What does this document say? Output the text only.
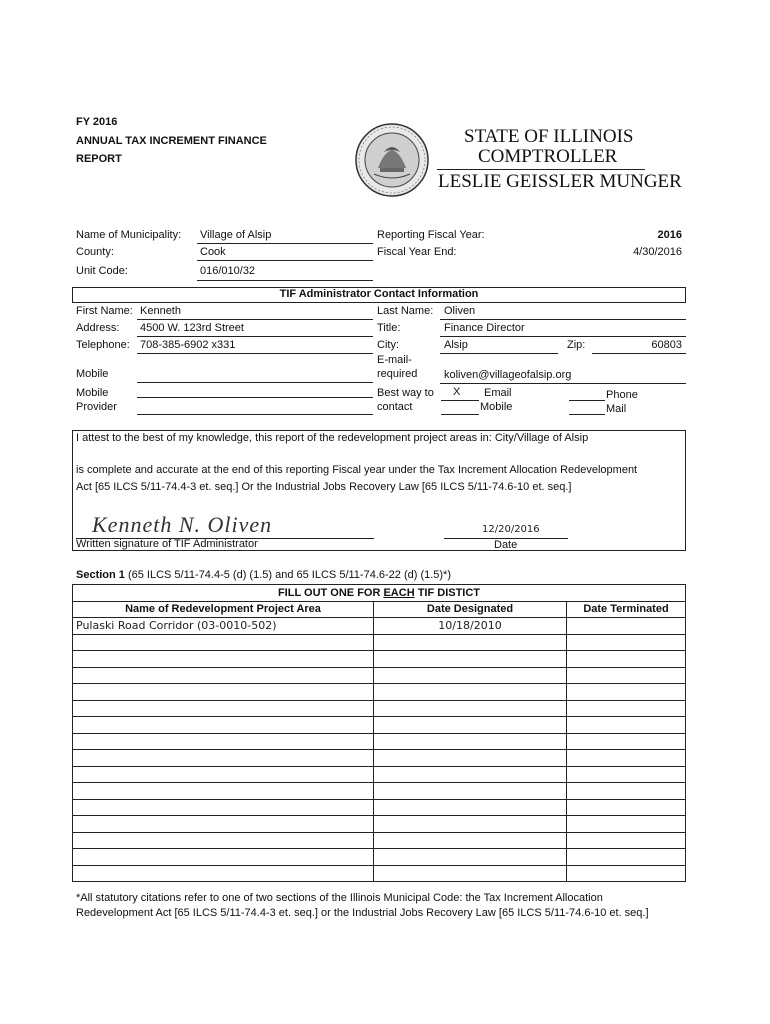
FY 2016
ANNUAL TAX INCREMENT FINANCE
REPORT
STATE OF ILLINOIS
COMPTROLLER
LESLIE GEISSLER MUNGER
Name of Municipality: Village of Alsip
County:	Cook
Unit Code:	016/010/32
Reporting Fiscal Year:	2016
Fiscal Year End:	4/30/2016
TIF Administrator Contact Information
First Name: Kenneth	Last Name: Oliven
Address: 4500 W. 123rd Street	Title:	Finance Director
Telephone: 708-385-6902 x331	City:	Alsip	Zip:	60803
Mobile
E-mail-
required koliven@villageofalsip.org
Mobile
Provider
Best way to
contact
X Email
Mobile
Phone
Mail
I attest to the best of my knowledge, this report of the redevelopment project areas in: City/Village of Alsip
is complete and accurate at the end of this reporting Fiscal year under the Tax Increment Allocation Redevelopment
Act [65 ILCS 5/11-74.4-3 et. seq.] Or the Industrial Jobs Recovery Law [65 ILCS 5/11-74.6-10 et. seq.]
Kenneth N. Oliven
Written signature of TIF Administrator
12/20/2016
Date
Section 1 (65 ILCS 5/11-74.4-5 (d) (1.5) and 65 ILCS 5/11-74.6-22 (d) (1.5)*)
FILL OUT ONE FOR EACH TIF DISTICT		
Name of Redevelopment Project Area	Date Designated	Date Terminated
Pulaski Road Corridor (03-0010-502)	10/18/2010	

*All statutory citations refer to one of two sections of the Illinois Municipal Code: the Tax Increment Allocation
Redevelopment Act [65 ILCS 5/11-74.4-3 et. seq.] or the Industrial Jobs Recovery Law [65 ILCS 5/11-74.6-10 et. seq.]
